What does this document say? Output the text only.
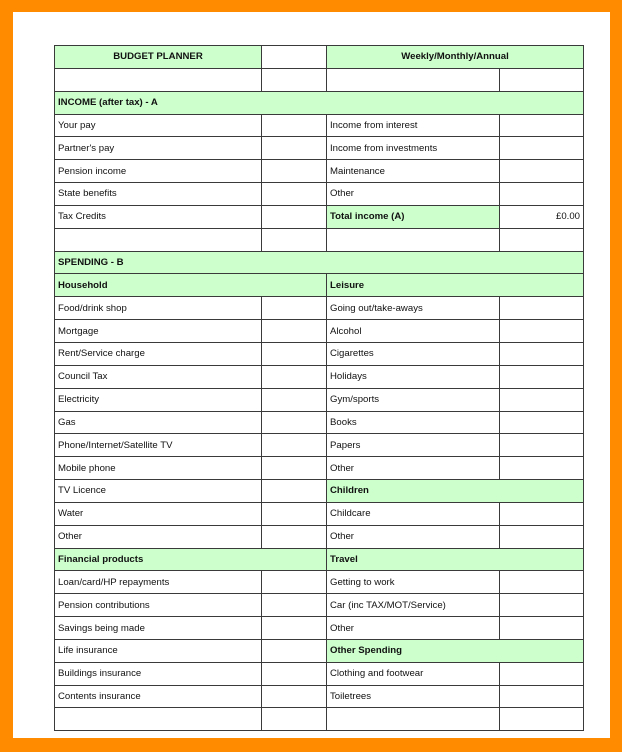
BUDGET PLANNER		Weekly/Monthly/Annual	

INCOME (after tax) - A			
Your pay		Income from interest	
Partner's pay		Income from investments	
Pension income		Maintenance	
State benefits		Other	
Tax Credits		Total income (A)	£0.00

SPENDING - B			
Household		Leisure	
Food/drink shop		Going out/take-aways	
Mortgage		Alcohol	
Rent/Service charge		Cigarettes	
Council Tax		Holidays	
Electricity		Gym/sports	
Gas		Books	
Phone/Internet/Satellite TV		Papers	
Mobile phone		Other	
TV Licence		Children	
Water		Childcare	
Other		Other	
Financial products		Travel	
Loan/card/HP repayments		Getting to work	
Pension contributions		Car (inc TAX/MOT/Service)	
Savings being made		Other	
Life insurance		Other Spending	
Buildings insurance		Clothing and footwear	
Contents insurance		Toiletrees	
